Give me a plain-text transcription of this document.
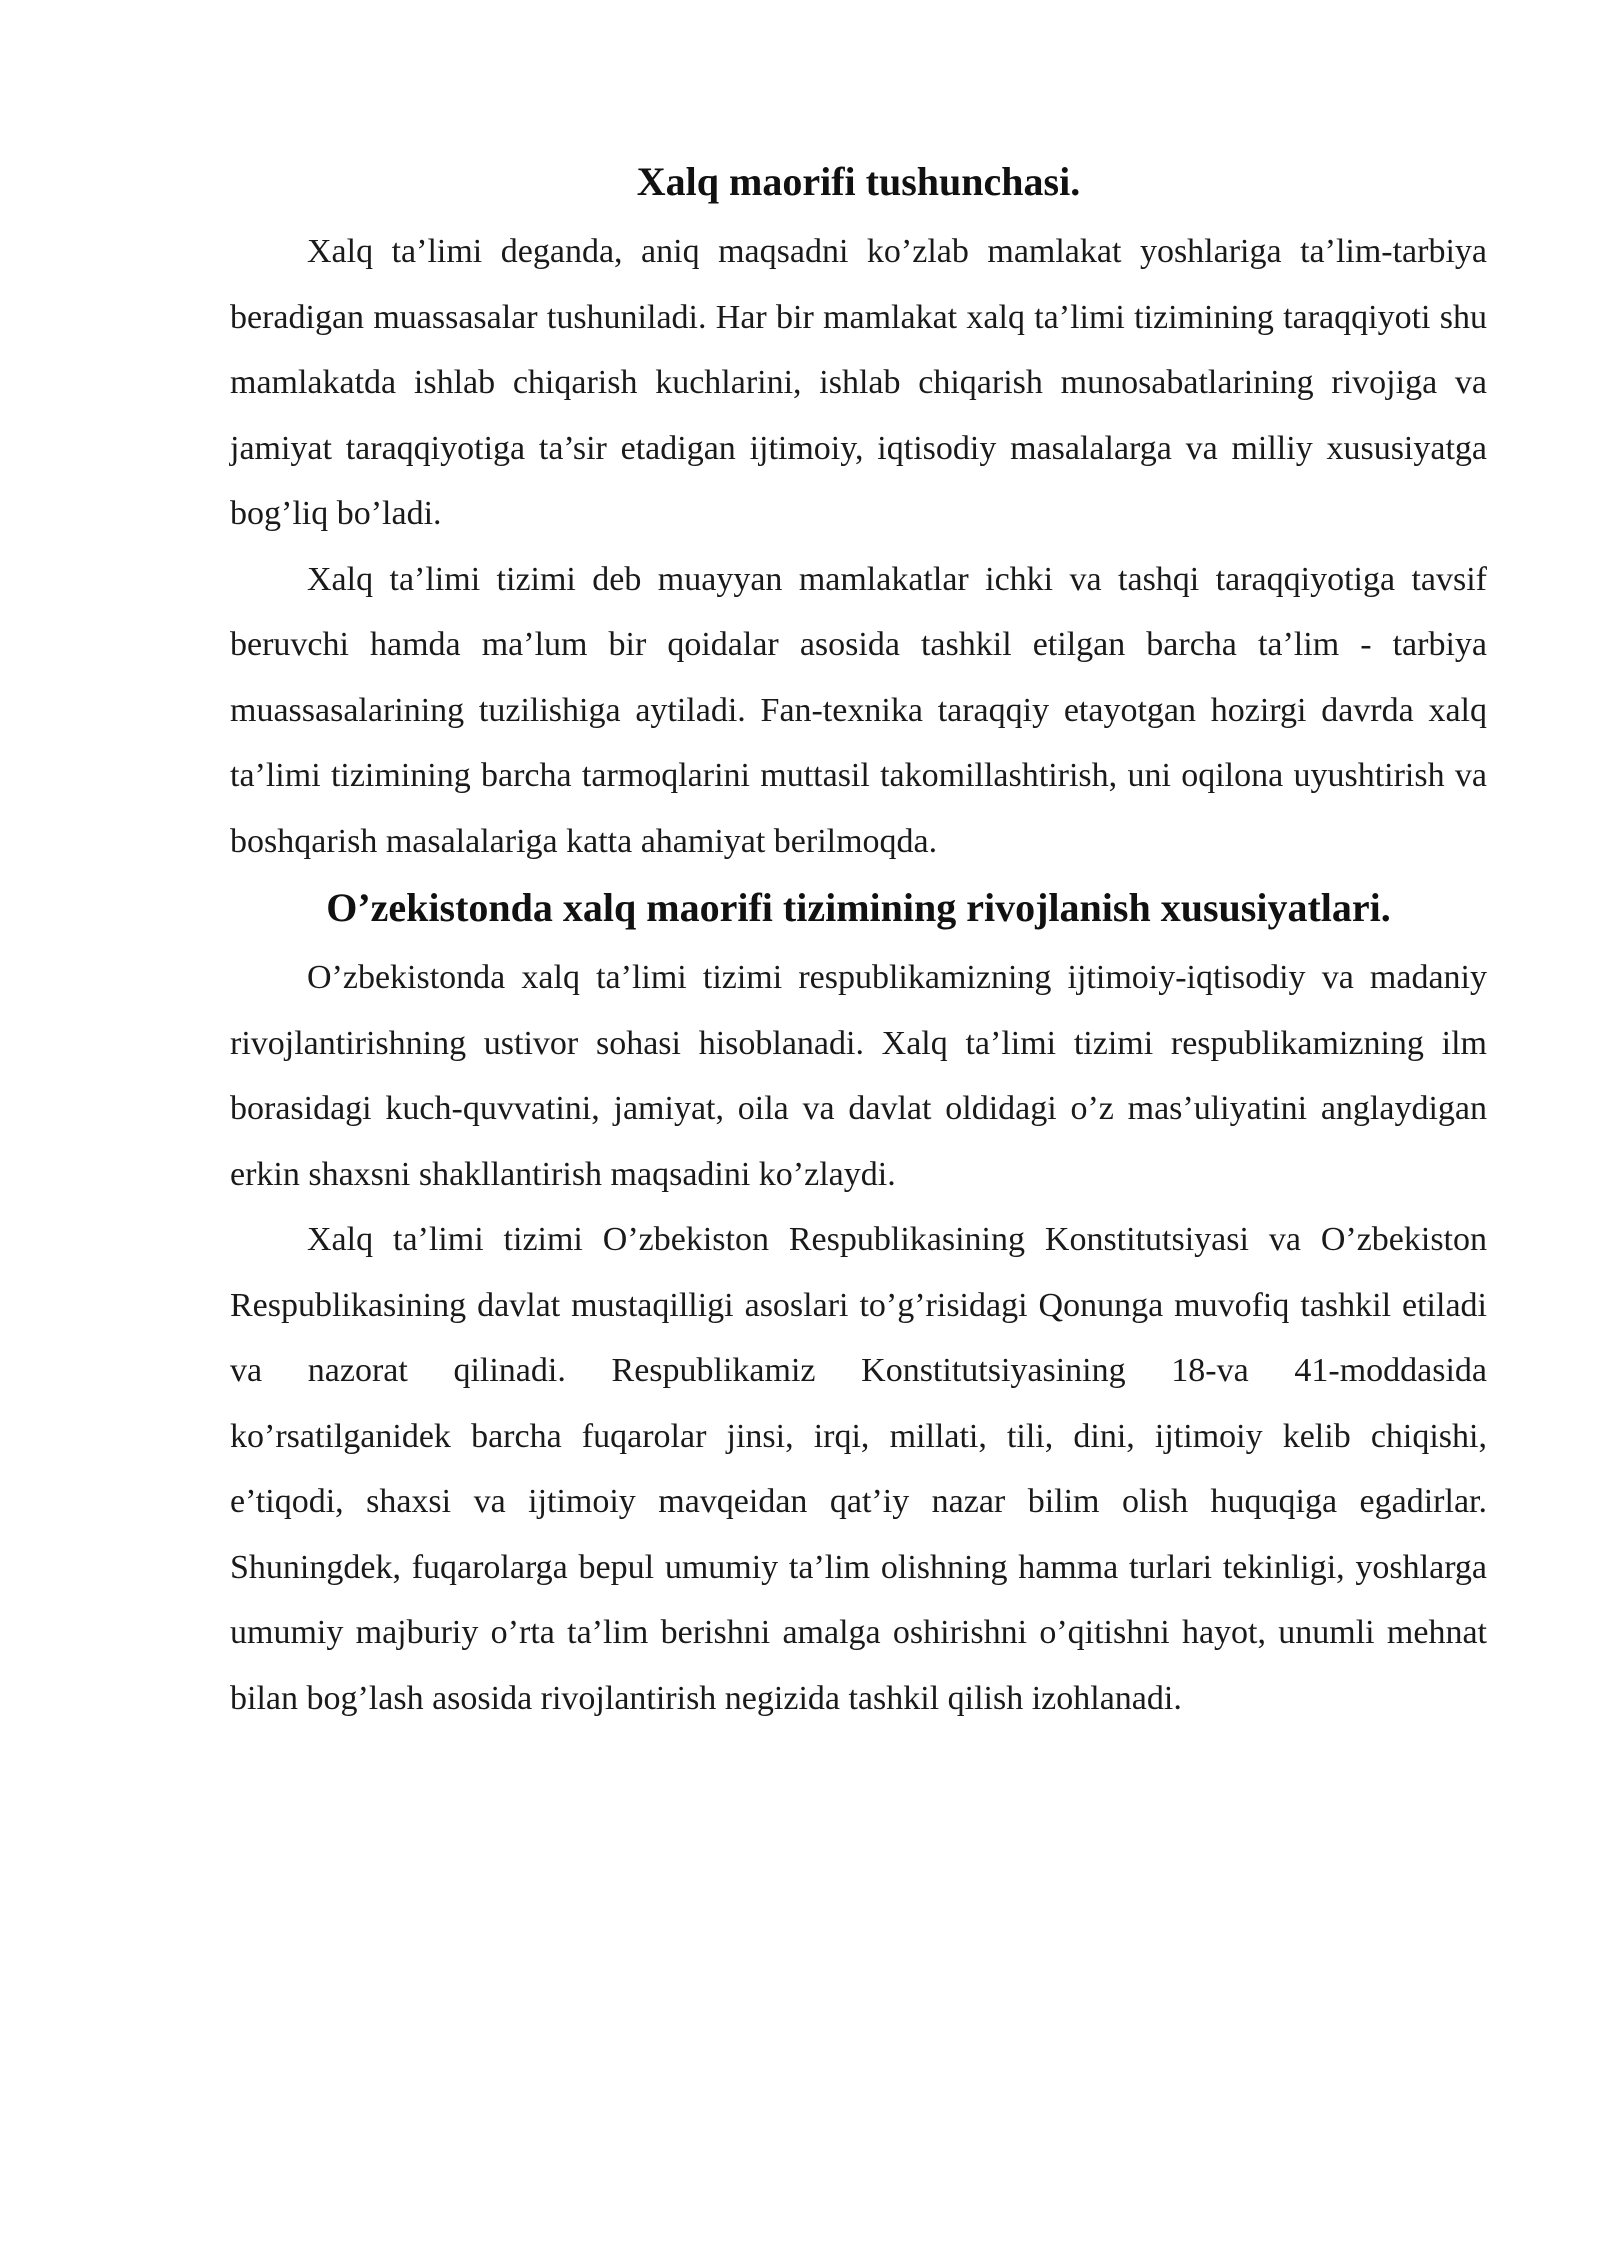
Xalq maorifi tushunchasi.

Xalq ta’limi deganda, aniq maqsadni ko’zlab mamlakat yoshlariga ta’lim-tarbiya beradigan muassasalar tushuniladi. Har bir mamlakat xalq ta’limi tizimining taraqqiyoti shu mamlakatda ishlab chiqarish kuchlarini, ishlab chiqarish munosabatlarining rivojiga va jamiyat taraqqiyotiga ta’sir etadigan ijtimoiy, iqtisodiy masalalarga va milliy xususiyatga bog’liq bo’ladi.

Xalq ta’limi tizimi deb muayyan mamlakatlar ichki va tashqi taraqqiyotiga tavsif beruvchi hamda ma’lum bir qoidalar asosida tashkil etilgan barcha ta’lim - tarbiya muassasalarining tuzilishiga aytiladi. Fan-texnika taraqqiy etayotgan hozirgi davrda xalq ta’limi tizimining barcha tarmoqlarini muttasil takomillashtirish, uni oqilona uyushtirish va boshqarish masalalariga katta ahamiyat berilmoqda.

O’zekistonda xalq maorifi tizimining rivojlanish xususiyatlari.

O’zbekistonda xalq ta’limi tizimi respublikamizning ijtimoiy-iqtisodiy va madaniy rivojlantirishning ustivor sohasi hisoblanadi. Xalq ta’limi tizimi respublikamizning ilm borasidagi kuch-quvvatini, jamiyat, oila va davlat oldidagi o’z mas’uliyatini anglaydigan erkin shaxsni shakllantirish maqsadini ko’zlaydi.

Xalq ta’limi tizimi O’zbekiston Respublikasining Konstitutsiyasi va O’zbekiston Respublikasining davlat mustaqilligi asoslari to’g’risidagi Qonunga muvofiq tashkil etiladi va nazorat qilinadi. Respublikamiz Konstitutsiyasining 18-va 41-moddasida ko’rsatilganidek barcha fuqarolar jinsi, irqi, millati, tili, dini, ijtimoiy kelib chiqishi, e’tiqodi, shaxsi va ijtimoiy mavqeidan qat’iy nazar bilim olish huquqiga egadirlar. Shuningdek, fuqarolarga bepul umumiy ta’lim olishning hamma turlari tekinligi, yoshlarga umumiy majburiy o’rta ta’lim berishni amalga oshirishni o’qitishni hayot, unumli mehnat bilan bog’lash asosida rivojlantirish negizida tashkil qilish izohlanadi.
